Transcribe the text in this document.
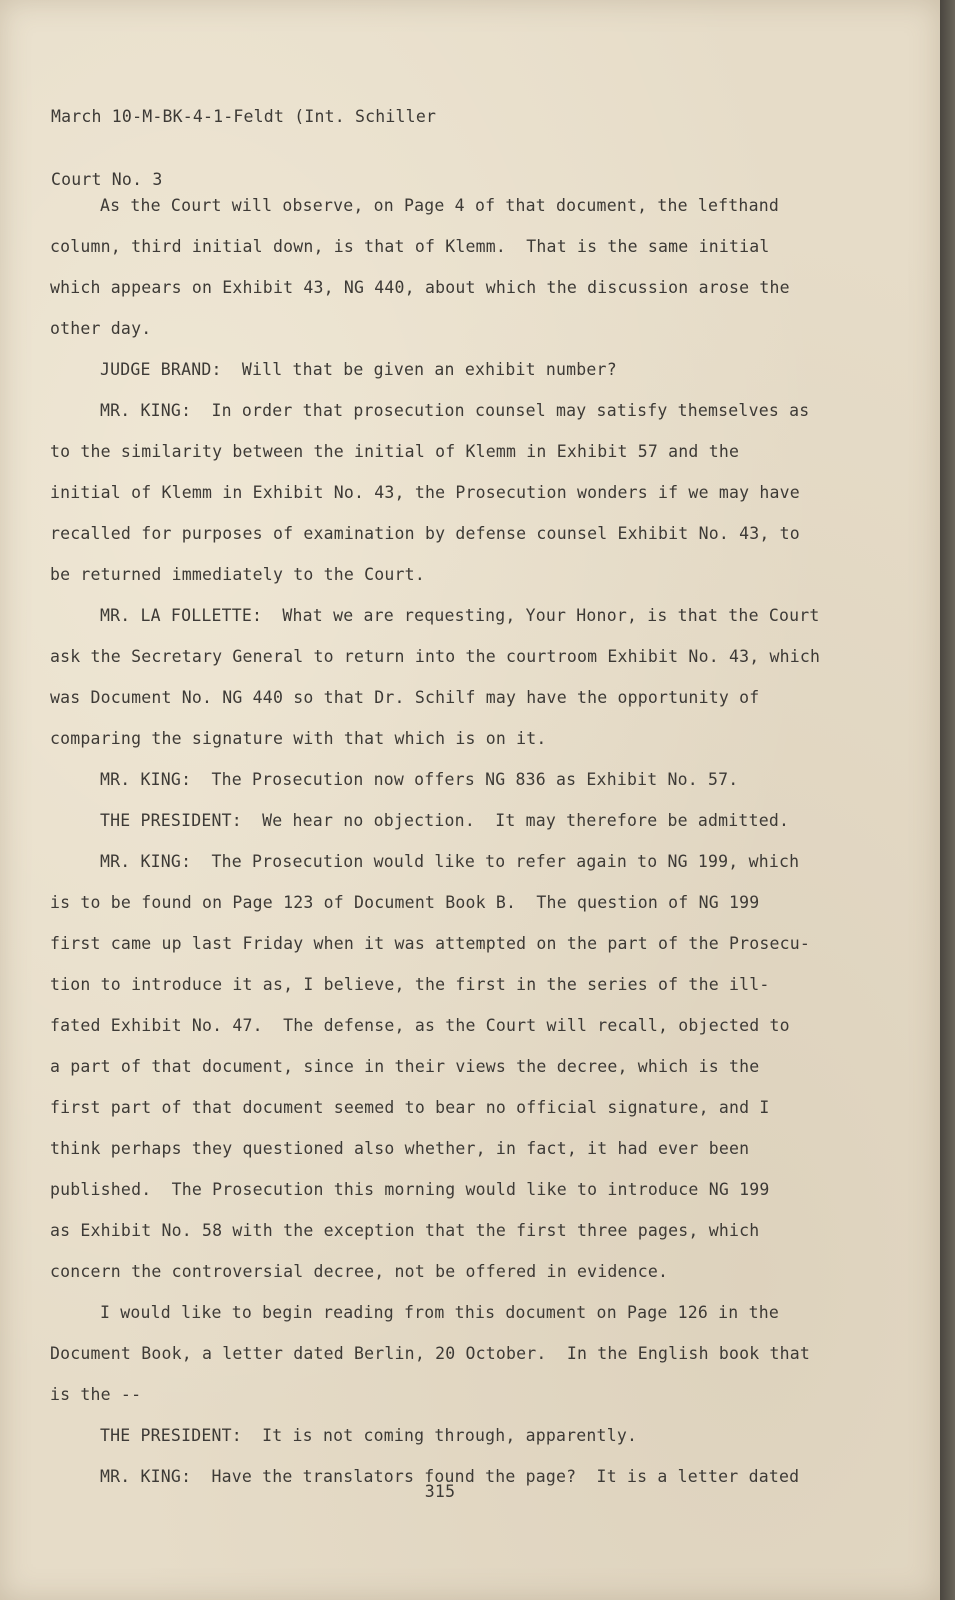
March 10-M-BK-4-1-Feldt (Int. Schiller

Court No. 3

As the Court will observe, on Page 4 of that document, the lefthand
column, third initial down, is that of Klemm.  That is the same initial
which appears on Exhibit 43, NG 440, about which the discussion arose the
other day.
JUDGE BRAND:  Will that be given an exhibit number?
MR. KING:  In order that prosecution counsel may satisfy themselves as
to the similarity between the initial of Klemm in Exhibit 57 and the
initial of Klemm in Exhibit No. 43, the Prosecution wonders if we may have
recalled for purposes of examination by defense counsel Exhibit No. 43, to
be returned immediately to the Court.
MR. LA FOLLETTE:  What we are requesting, Your Honor, is that the Court
ask the Secretary General to return into the courtroom Exhibit No. 43, which
was Document No. NG 440 so that Dr. Schilf may have the opportunity of
comparing the signature with that which is on it.
MR. KING:  The Prosecution now offers NG 836 as Exhibit No. 57.
THE PRESIDENT:  We hear no objection.  It may therefore be admitted.
MR. KING:  The Prosecution would like to refer again to NG 199, which
is to be found on Page 123 of Document Book B.  The question of NG 199
first came up last Friday when it was attempted on the part of the Prosecu-
tion to introduce it as, I believe, the first in the series of the ill-
fated Exhibit No. 47.  The defense, as the Court will recall, objected to
a part of that document, since in their views the decree, which is the
first part of that document seemed to bear no official signature, and I
think perhaps they questioned also whether, in fact, it had ever been
published.  The Prosecution this morning would like to introduce NG 199
as Exhibit No. 58 with the exception that the first three pages, which
concern the controversial decree, not be offered in evidence.
I would like to begin reading from this document on Page 126 in the
Document Book, a letter dated Berlin, 20 October.  In the English book that
is the --
THE PRESIDENT:  It is not coming through, apparently.
MR. KING:  Have the translators found the page?  It is a letter dated
315
